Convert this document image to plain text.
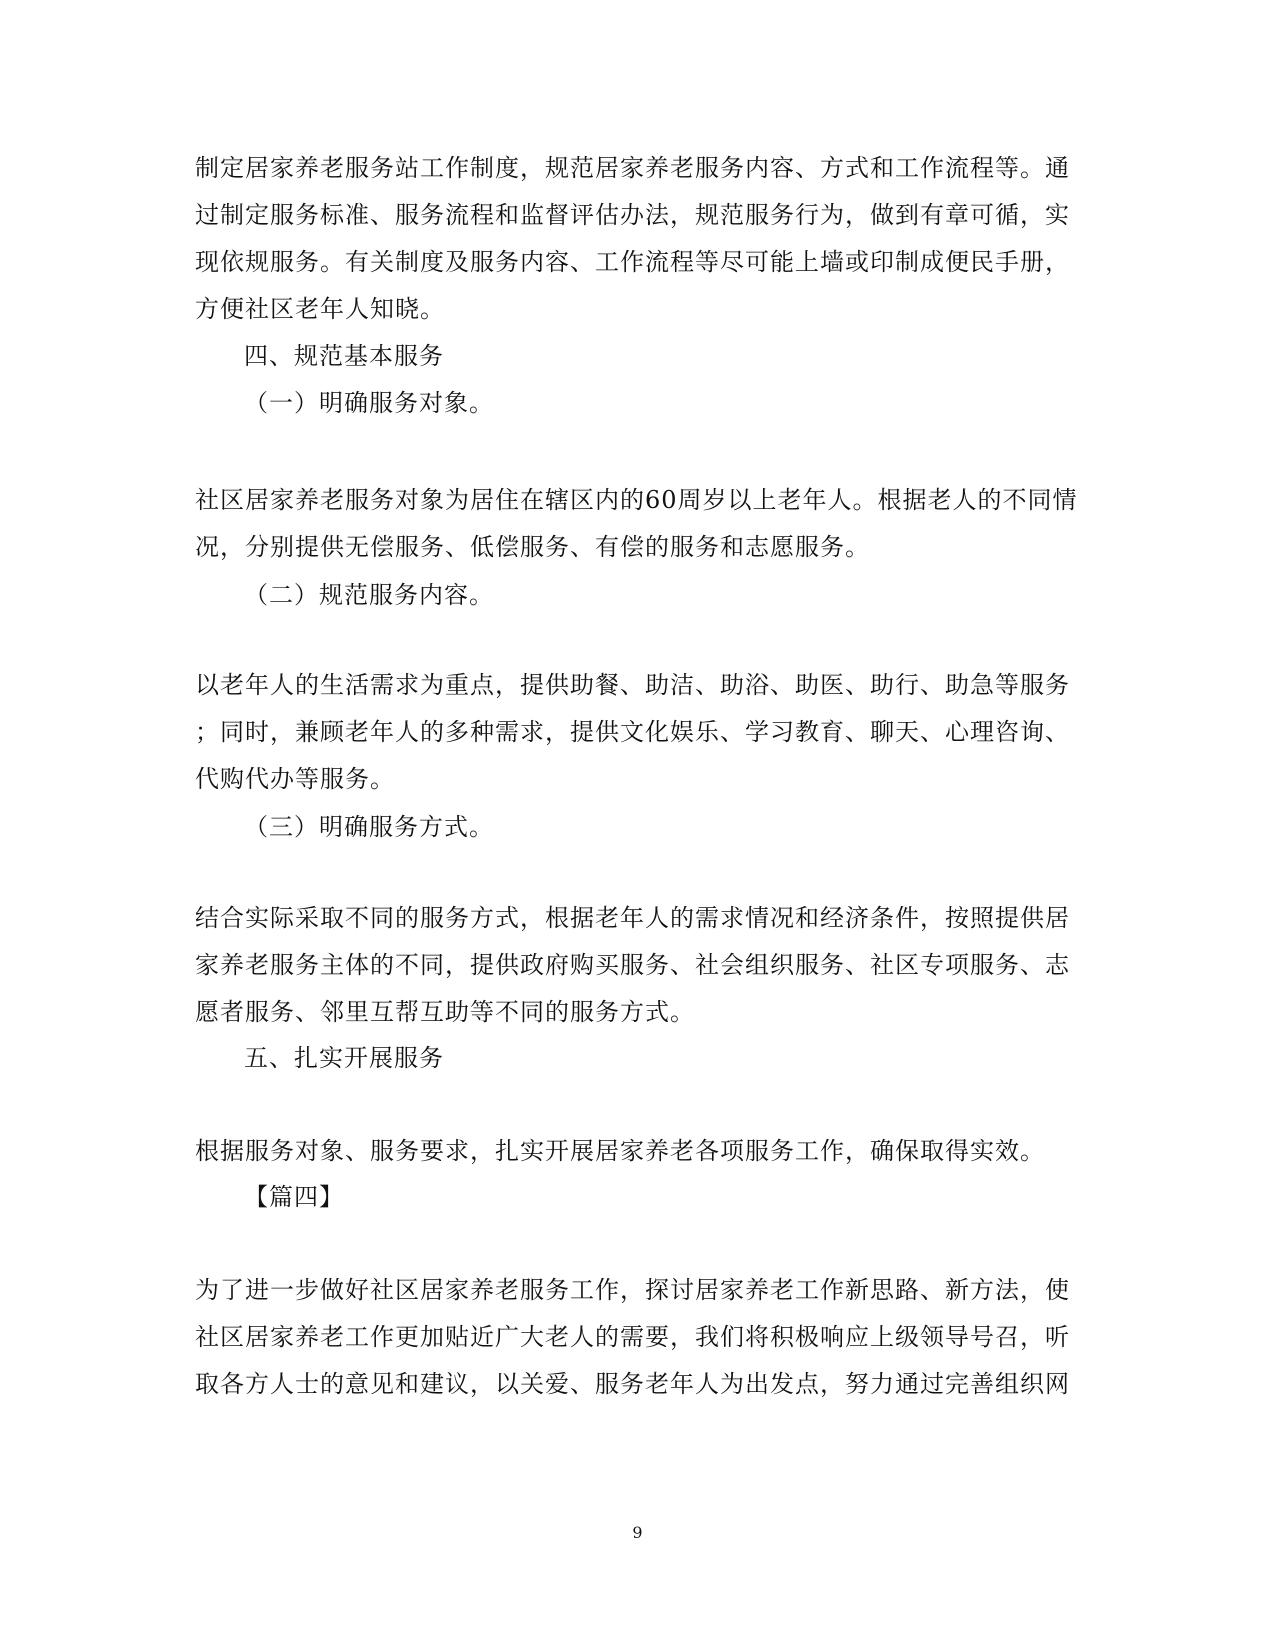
制定居家养老服务站工作制度，规范居家养老服务内容、方式和工作流程等。通
过制定服务标准、服务流程和监督评估办法，规范服务行为，做到有章可循，实
现依规服务。有关制度及服务内容、工作流程等尽可能上墙或印制成便民手册，
方便社区老年人知晓。
四、规范基本服务
（一）明确服务对象。
社区居家养老服务对象为居住在辖区内的60周岁以上老年人。根据老人的不同情
况，分别提供无偿服务、低偿服务、有偿的服务和志愿服务。
（二）规范服务内容。
以老年人的生活需求为重点，提供助餐、助洁、助浴、助医、助行、助急等服务
；同时，兼顾老年人的多种需求，提供文化娱乐、学习教育、聊天、心理咨询、
代购代办等服务。
（三）明确服务方式。
结合实际采取不同的服务方式，根据老年人的需求情况和经济条件，按照提供居
家养老服务主体的不同，提供政府购买服务、社会组织服务、社区专项服务、志
愿者服务、邻里互帮互助等不同的服务方式。
五、扎实开展服务
根据服务对象、服务要求，扎实开展居家养老各项服务工作，确保取得实效。
【篇四】
为了进一步做好社区居家养老服务工作，探讨居家养老工作新思路、新方法，使
社区居家养老工作更加贴近广大老人的需要，我们将积极响应上级领导号召，听
取各方人士的意见和建议，以关爱、服务老年人为出发点，努力通过完善组织网
9
